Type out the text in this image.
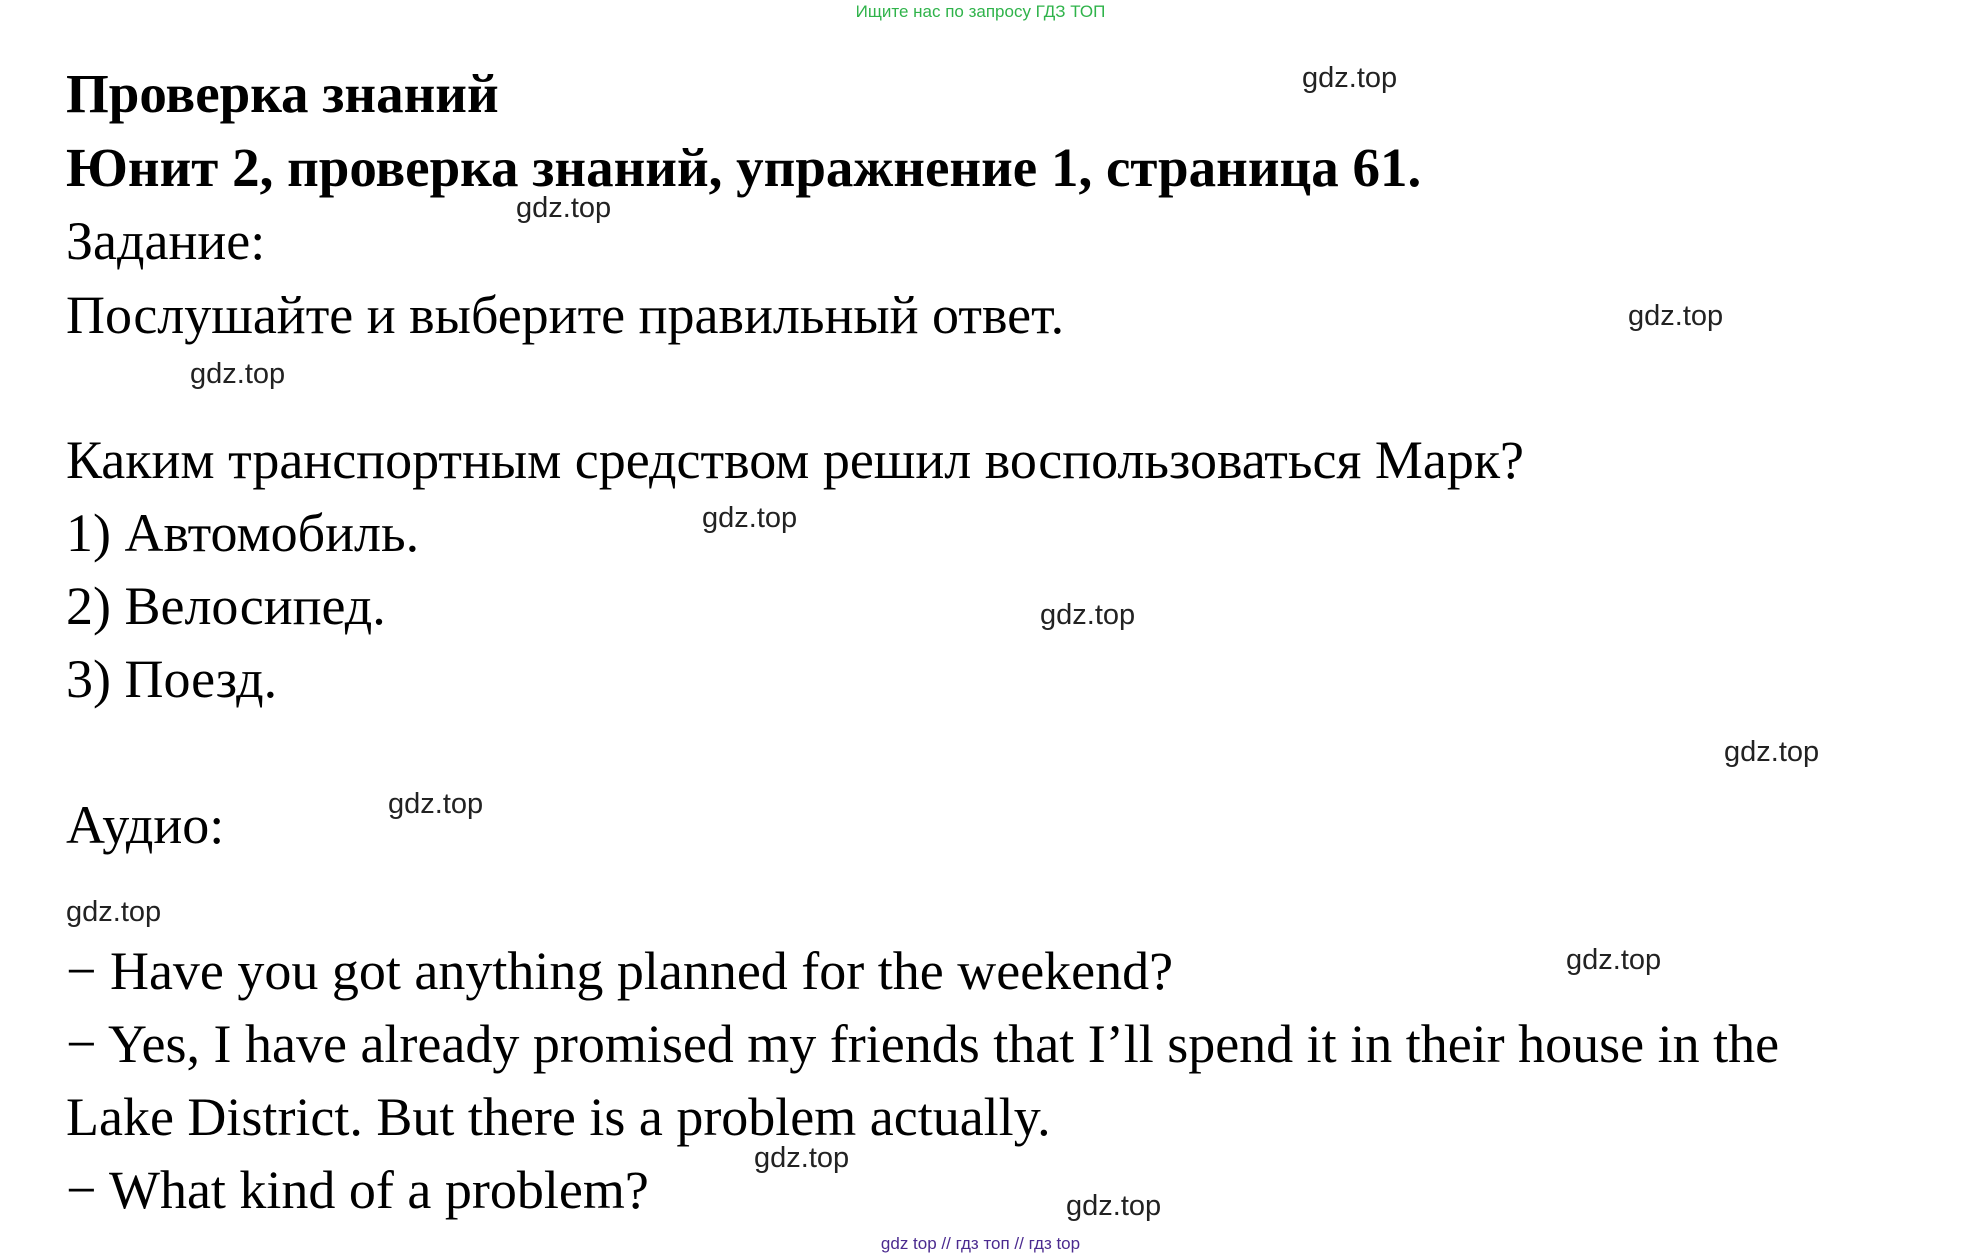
Ищите нас по запросу ГДЗ ТОП
Проверка знаний
Юнит 2, проверка знаний, упражнение 1, страница 61.
Задание:
Послушайте и выберите правильный ответ.
Каким транспортным средством решил воспользоваться Марк?
1) Автомобиль.
2) Велосипед.
3) Поезд.
Аудио:
− Have you got anything planned for the weekend?
− Yes, I have already promised my friends that I’ll spend it in their house in the
Lake District. But there is a problem actually.
− What kind of a problem?
gdz.top
gdz.top
gdz.top
gdz.top
gdz.top
gdz.top
gdz.top
gdz.top
gdz.top
gdz.top
gdz.top
gdz.top
gdz top // гдз топ // гдз top
